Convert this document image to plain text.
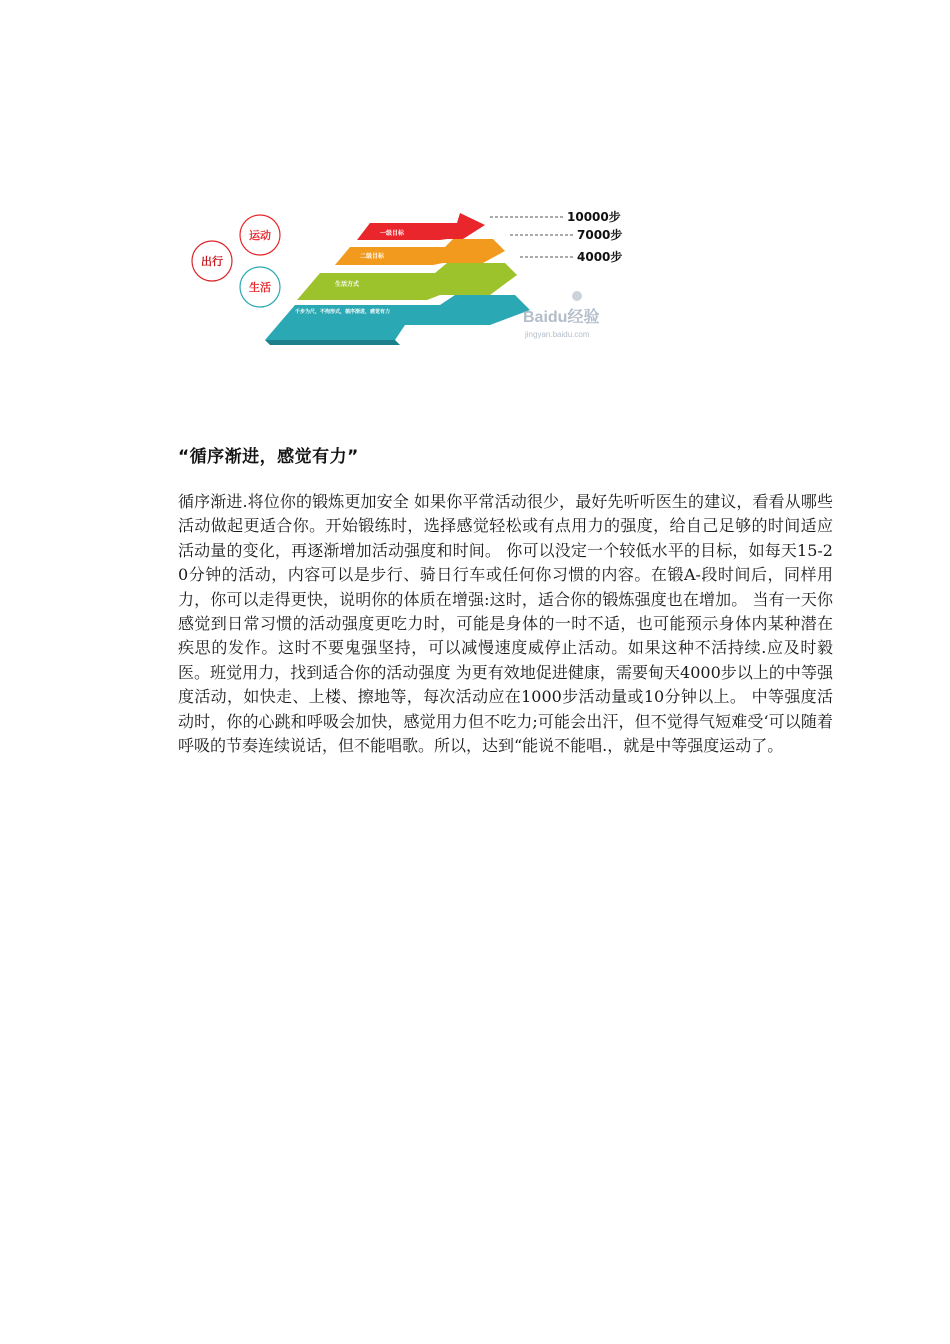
运动
出行
生活
一级目标
二级目标
生活方式
千步为尺，不拘形式，循序渐进，感觉有力
10000步
7000步
4000步
Baidu经验
jingyan.baidu.com
“循序渐进，感觉有力”

循序渐进.将位你的锻炼更加安全 如果你平常活动很少，最好先听听医生的建议，看看从哪些活动做起更适合你。开始锻练时，选择感觉轻松或有点用力的强度，给自己足够的时间适应活动量的变化，再逐渐增加活动强度和时间。 你可以没定一个较低水平的目标，如每天15-20分钟的活动，内容可以是步行、骑日行车或任何你习惯的内容。在锻A-段时间后，同样用力，你可以走得更快，说明你的体质在增强:这时，适合你的锻炼强度也在增加。 当有一天你感觉到日常习惯的活动强度更吃力时，可能是身体的一时不适，也可能预示身体内某种潜在疾思的发作。这时不要鬼强坚持，可以减慢速度威停止活动。如果这种不活持续.应及时毅医。班觉用力，找到适合你的活动强度 为更有效地促进健康，需要甸天4000步以上的中等强度活动，如快走、上楼、擦地等，每次活动应在1000步活动量或10分钟以上。 中等强度活动时，你的心跳和呼吸会加快，感觉用力但不吃力;可能会出汗，但不觉得气短难受‘可以随着呼吸的节奏连续说话，但不能唱歌。所以，达到“能说不能唱.，就是中等强度运动了。
